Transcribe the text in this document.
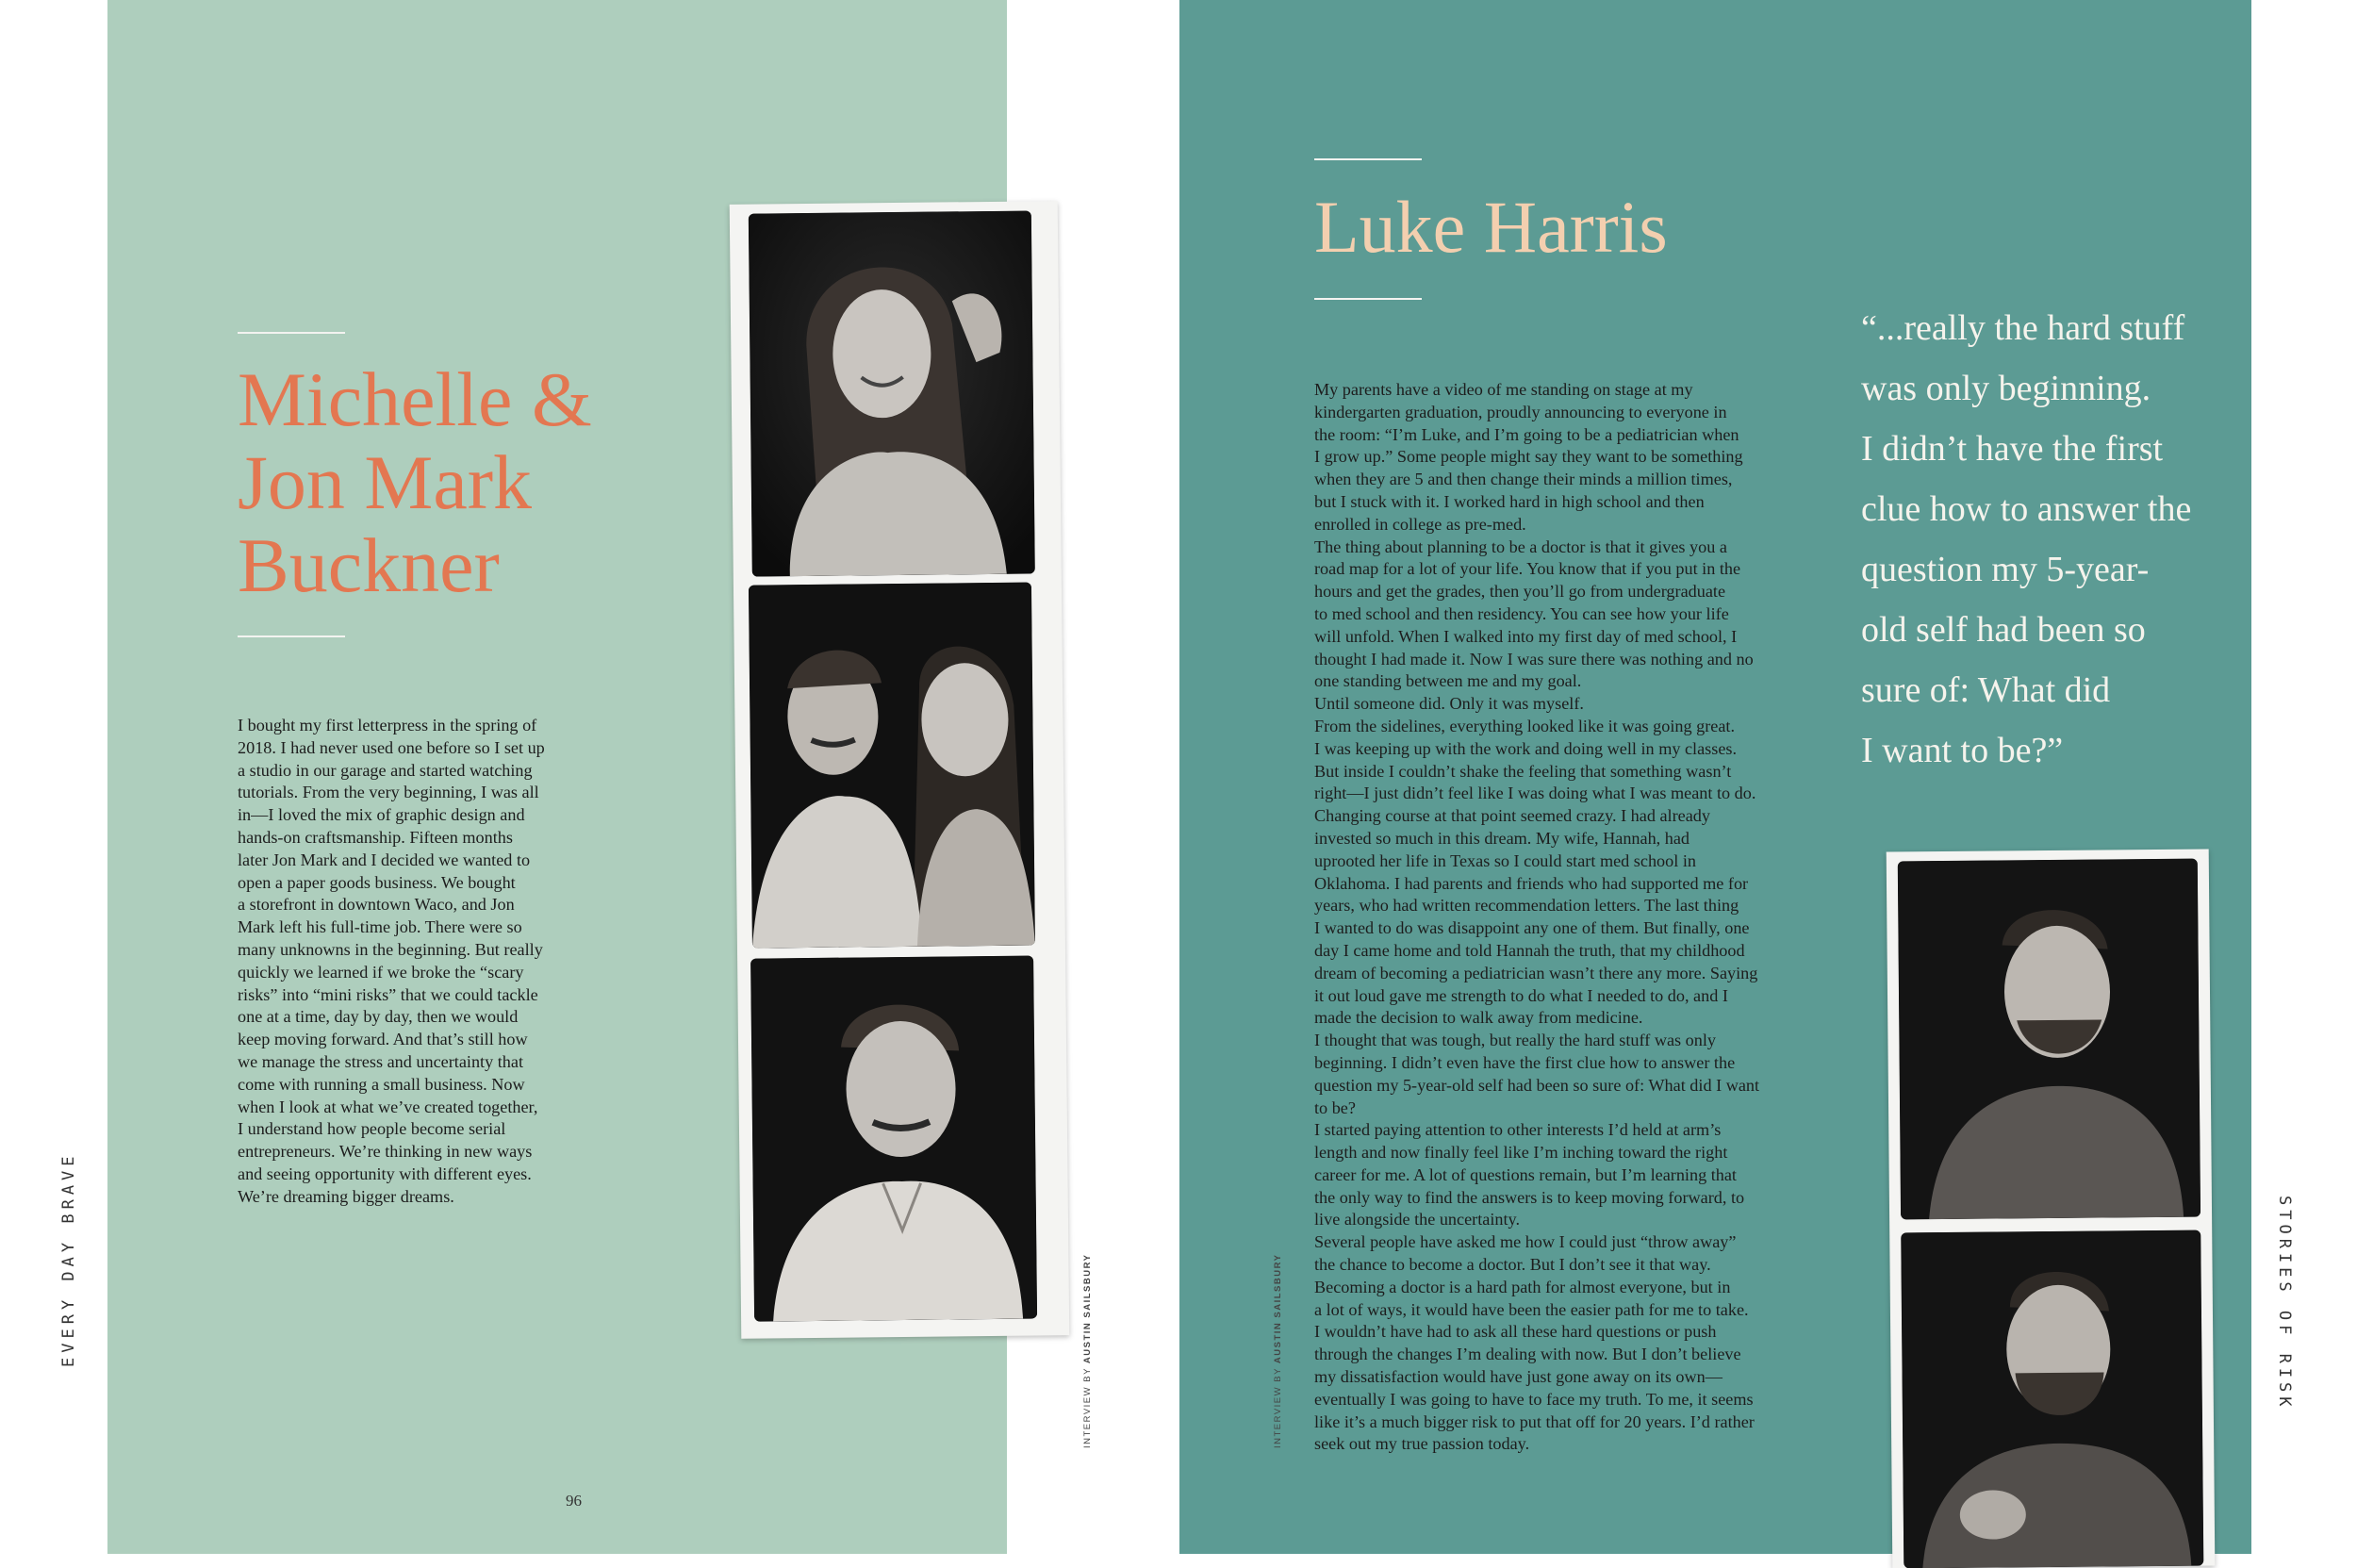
Michelle &
Jon Mark
Buckner

I bought my first letterpress in the spring of
2018. I had never used one before so I set up
a studio in our garage and started watching
tutorials. From the very beginning, I was all
in—I loved the mix of graphic design and
hands-on craftsmanship. Fifteen months
later Jon Mark and I decided we wanted to
open a paper goods business. We bought
a storefront in downtown Waco, and Jon
Mark left his full-time job. There were so
many unknowns in the beginning. But really
quickly we learned if we broke the “scary
risks” into “mini risks” that we could tackle
one at a time, day by day, then we would
keep moving forward. And that’s still how
we manage the stress and uncertainty that
come with running a small business. Now
when I look at what we’ve created together,
I understand how people become serial
entrepreneurs. We’re thinking in new ways
and seeing opportunity with different eyes.
We’re dreaming bigger dreams.

EVERY DAY BRAVE
INTERVIEW BY AUSTIN SAILSBURY
96
Luke Harris

My parents have a video of me standing on stage at my
kindergarten graduation, proudly announcing to everyone in
the room: “I’m Luke, and I’m going to be a pediatrician when
I grow up.” Some people might say they want to be something
when they are 5 and then change their minds a million times,
but I stuck with it. I worked hard in high school and then
enrolled in college as pre-med.
The thing about planning to be a doctor is that it gives you a
road map for a lot of your life. You know that if you put in the
hours and get the grades, then you’ll go from undergraduate
to med school and then residency. You can see how your life
will unfold. When I walked into my first day of med school, I
thought I had made it. Now I was sure there was nothing and no
one standing between me and my goal.
Until someone did. Only it was myself.
From the sidelines, everything looked like it was going great.
I was keeping up with the work and doing well in my classes.
But inside I couldn’t shake the feeling that something wasn’t
right—I just didn’t feel like I was doing what I was meant to do.
Changing course at that point seemed crazy. I had already
invested so much in this dream. My wife, Hannah, had
uprooted her life in Texas so I could start med school in
Oklahoma. I had parents and friends who had supported me for
years, who had written recommendation letters. The last thing
I wanted to do was disappoint any one of them. But finally, one
day I came home and told Hannah the truth, that my childhood
dream of becoming a pediatrician wasn’t there any more. Saying
it out loud gave me strength to do what I needed to do, and I
made the decision to walk away from medicine.
I thought that was tough, but really the hard stuff was only
beginning. I didn’t even have the first clue how to answer the
question my 5-year-old self had been so sure of: What did I want
to be?
I started paying attention to other interests I’d held at arm’s
length and now finally feel like I’m inching toward the right
career for me. A lot of questions remain, but I’m learning that
the only way to find the answers is to keep moving forward, to
live alongside the uncertainty.
Several people have asked me how I could just “throw away”
the chance to become a doctor. But I don’t see it that way.
Becoming a doctor is a hard path for almost everyone, but in
a lot of ways, it would have been the easier path for me to take.
I wouldn’t have had to ask all these hard questions or push
through the changes I’m dealing with now. But I don’t believe
my dissatisfaction would have just gone away on its own—
eventually I was going to have to face my truth. To me, it seems
like it’s a much bigger risk to put that off for 20 years. I’d rather
seek out my true passion today.

“...really the hard stuff
was only beginning.
I didn’t have the first
clue how to answer the
question my 5-year-
old self had been so
sure of: What did
I want to be?”

STORIES OF RISK
INTERVIEW BY AUSTIN SAILSBURY
